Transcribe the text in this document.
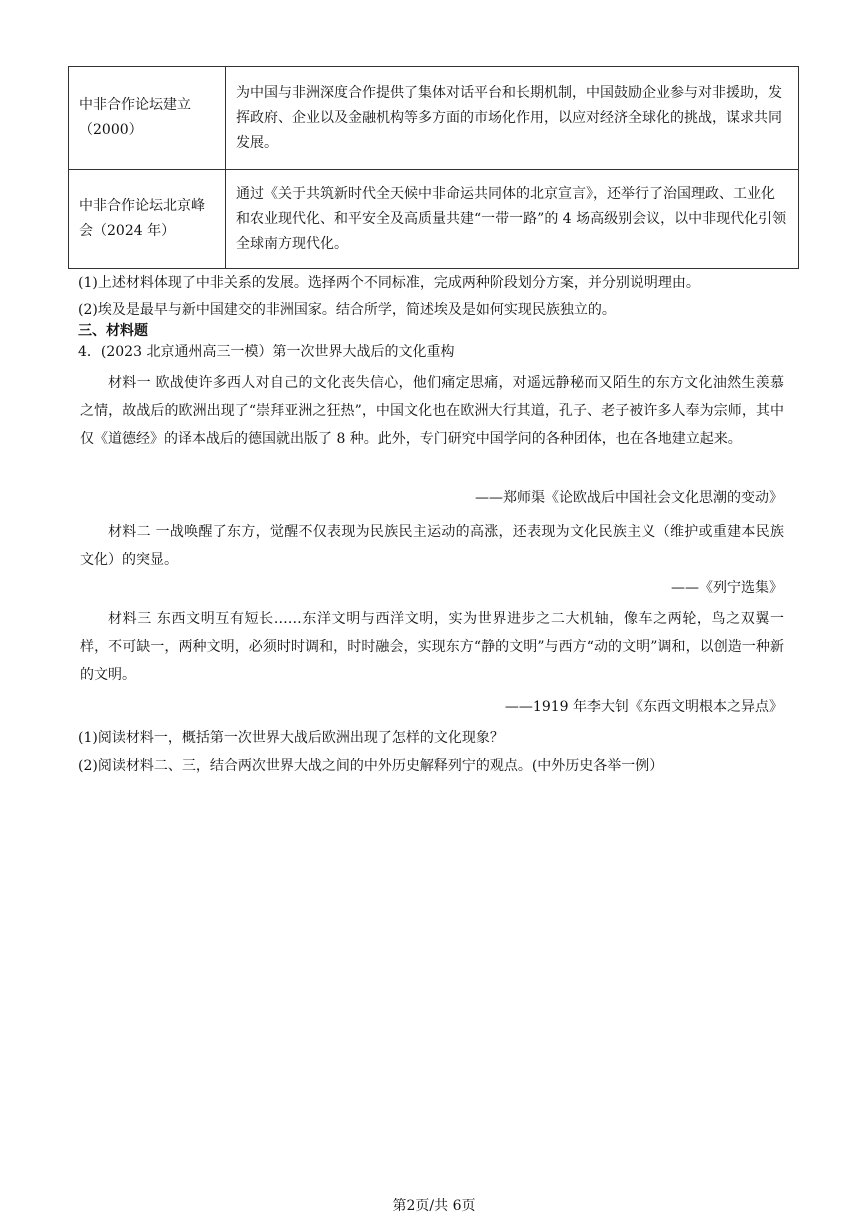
中非合作论坛建立（2000）	为中国与非洲深度合作提供了集体对话平台和长期机制，中国鼓励企业参与对非援助，发挥政府、企业以及金融机构等多方面的市场化作用，以应对经济全球化的挑战，谋求共同发展。
中非合作论坛北京峰会（2024 年）	通过《关于共筑新时代全天候中非命运共同体的北京宣言》，还举行了治国理政、工业化和农业现代化、和平安全及高质量共建“一带一路”的 4 场高级别会议，以中非现代化引领全球南方现代化。
(1)上述材料体现了中非关系的发展。选择两个不同标准，完成两种阶段划分方案，并分别说明理由。
(2)埃及是最早与新中国建交的非洲国家。结合所学，简述埃及是如何实现民族独立的。
三、材料题
4．(2023 北京通州高三一模）第一次世界大战后的文化重构
材料一 欧战使许多西人对自己的文化丧失信心，他们痛定思痛，对遥远静秘而又陌生的东方文化油然生羡慕之情，故战后的欧洲出现了“崇拜亚洲之狂热”，中国文化也在欧洲大行其道，孔子、老子被许多人奉为宗师，其中仅《道德经》的译本战后的德国就出版了 8 种。此外，专门研究中国学问的各种团体，也在各地建立起来。
——郑师渠《论欧战后中国社会文化思潮的变动》
材料二 一战唤醒了东方，觉醒不仅表现为民族民主运动的高涨，还表现为文化民族主义（维护或重建本民族文化）的突显。
——《列宁选集》
材料三 东西文明互有短长……东洋文明与西洋文明，实为世界进步之二大机轴，像车之两轮，鸟之双翼一样，不可缺一，两种文明，必须时时调和，时时融会，实现东方“静的文明”与西方“动的文明”调和，以创造一种新的文明。
——1919 年李大钊《东西文明根本之异点》
(1)阅读材料一，概括第一次世界大战后欧洲出现了怎样的文化现象？
(2)阅读材料二、三，结合两次世界大战之间的中外历史解释列宁的观点。(中外历史各举一例）
第2页/共 6页
